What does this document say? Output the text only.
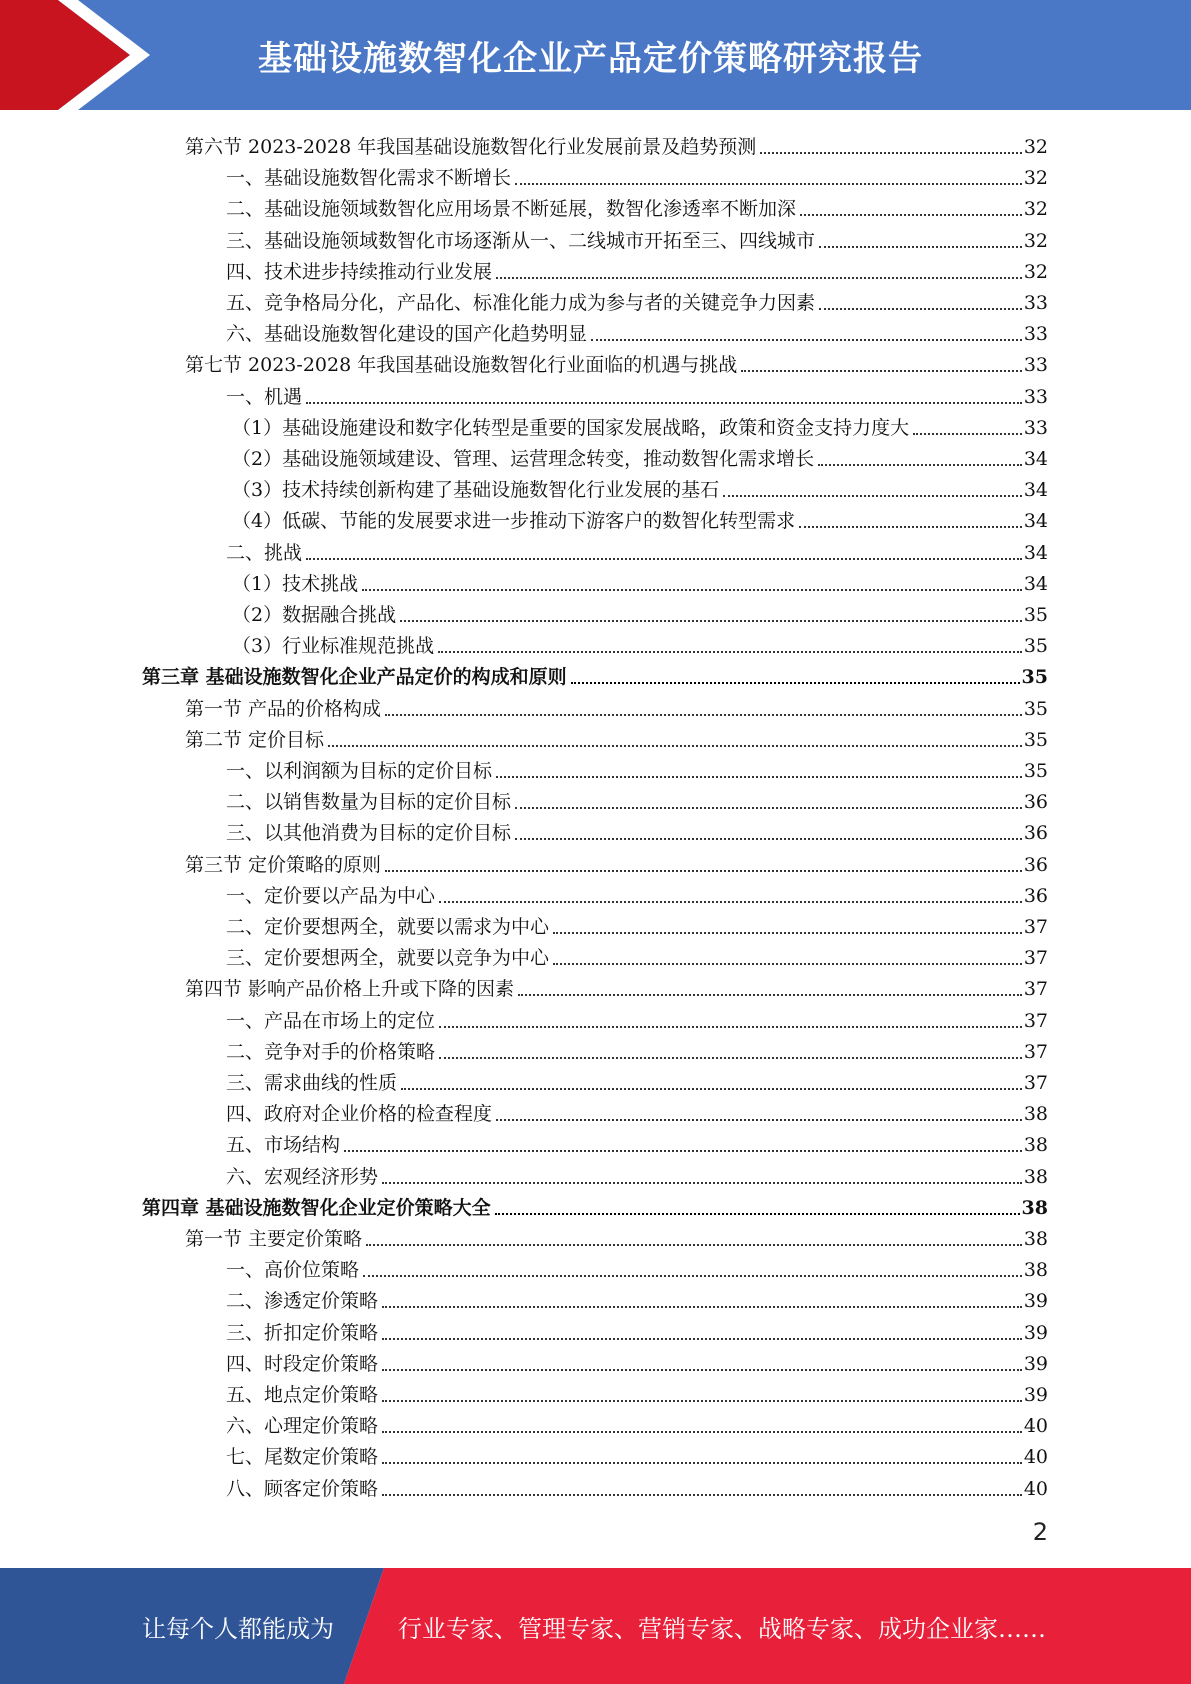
基础设施数智化企业产品定价策略研究报告
第六节 2023-2028 年我国基础设施数智化行业发展前景及趋势预测	32
一、基础设施数智化需求不断增长	32
二、基础设施领域数智化应用场景不断延展，数智化渗透率不断加深	32
三、基础设施领域数智化市场逐渐从一、二线城市开拓至三、四线城市	32
四、技术进步持续推动行业发展	32
五、竞争格局分化，产品化、标准化能力成为参与者的关键竞争力因素	33
六、基础设施数智化建设的国产化趋势明显	33
第七节 2023-2028 年我国基础设施数智化行业面临的机遇与挑战	33
一、机遇	33
（1）基础设施建设和数字化转型是重要的国家发展战略，政策和资金支持力度大	33
（2）基础设施领域建设、管理、运营理念转变，推动数智化需求增长	34
（3）技术持续创新构建了基础设施数智化行业发展的基石	34
（4）低碳、节能的发展要求进一步推动下游客户的数智化转型需求	34
二、挑战	34
（1）技术挑战	34
（2）数据融合挑战	35
（3）行业标准规范挑战	35
第三章 基础设施数智化企业产品定价的构成和原则	35
第一节 产品的价格构成	35
第二节 定价目标	35
一、以利润额为目标的定价目标	35
二、以销售数量为目标的定价目标	36
三、以其他消费为目标的定价目标	36
第三节 定价策略的原则	36
一、定价要以产品为中心	36
二、定价要想两全，就要以需求为中心	37
三、定价要想两全，就要以竞争为中心	37
第四节 影响产品价格上升或下降的因素	37
一、产品在市场上的定位	37
二、竞争对手的价格策略	37
三、需求曲线的性质	37
四、政府对企业价格的检查程度	38
五、市场结构	38
六、宏观经济形势	38
第四章 基础设施数智化企业定价策略大全	38
第一节 主要定价策略	38
一、高价位策略	38
二、渗透定价策略	39
三、折扣定价策略	39
四、时段定价策略	39
五、地点定价策略	39
六、心理定价策略	40
七、尾数定价策略	40
八、顾客定价策略	40
2
让每个人都能成为	行业专家、管理专家、营销专家、战略专家、成功企业家……
